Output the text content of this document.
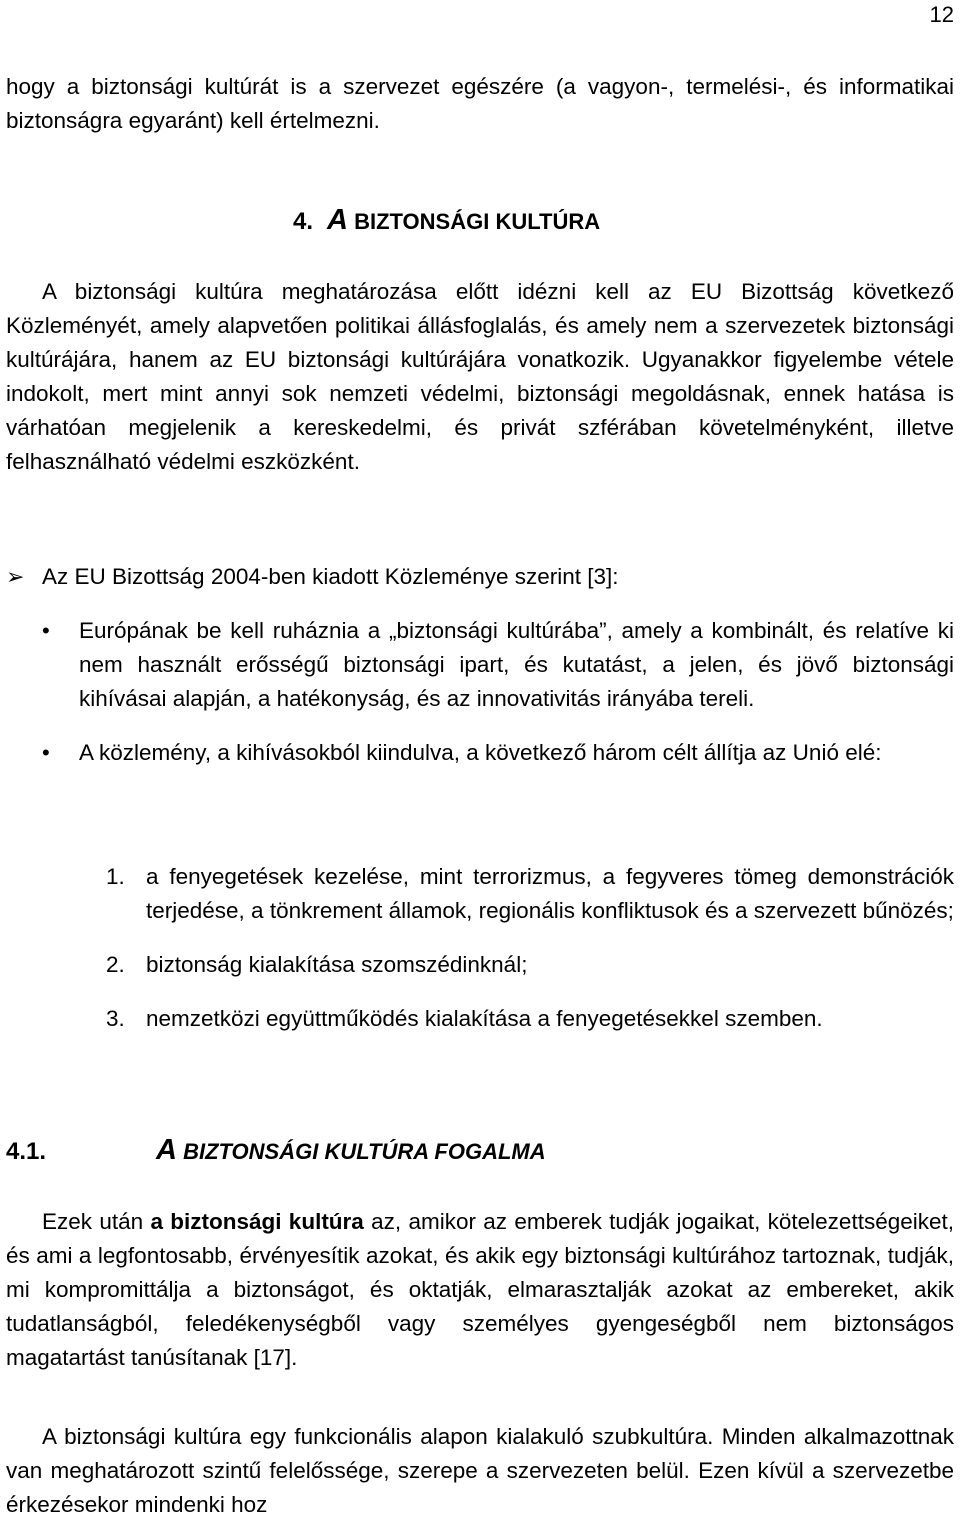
12

hogy a biztonsági kultúrát is a szervezet egészére (a vagyon-, termelési-, és informatikai biztonságra egyaránt) kell értelmezni.

4. A BIZTONSÁGI KULTÚRA

A biztonsági kultúra meghatározása előtt idézni kell az EU Bizottság következő Közleményét, amely alapvetően politikai állásfoglalás, és amely nem a szervezetek biztonsági kultúrájára, hanem az EU biztonsági kultúrájára vonatkozik. Ugyanakkor figyelembe vétele indokolt, mert mint annyi sok nemzeti védelmi, biztonsági megoldásnak, ennek hatása is várhatóan megjelenik a kereskedelmi, és privát szférában követelményként, illetve felhasználható védelmi eszközként.

➢ Az EU Bizottság 2004-ben kiadott Közleménye szerint [3]:

• Európának be kell ruháznia a „biztonsági kultúrába”, amely a kombinált, és relatíve ki nem használt erősségű biztonsági ipart, és kutatást, a jelen, és jövő biztonsági kihívásai alapján, a hatékonyság, és az innovativitás irányába tereli.

• A közlemény, a kihívásokból kiindulva, a következő három célt állítja az Unió elé:

1. a fenyegetések kezelése, mint terrorizmus, a fegyveres tömeg demonstrációk terjedése, a tönkrement államok, regionális konfliktusok és a szervezett bűnözés;

2. biztonság kialakítása szomszédinknál;

3. nemzetközi együttműködés kialakítása a fenyegetésekkel szemben.

4.1.	A BIZTONSÁGI KULTÚRA FOGALMA

Ezek után a biztonsági kultúra az, amikor az emberek tudják jogaikat, kötelezettségeiket, és ami a legfontosabb, érvényesítik azokat, és akik egy biztonsági kultúrához tartoznak, tudják, mi kompromittálja a biztonságot, és oktatják, elmarasztalják azokat az embereket, akik tudatlanságból, feledékenységből vagy személyes gyengeségből nem biztonságos magatartást tanúsítanak [17].

A biztonsági kultúra egy funkcionális alapon kialakuló szubkultúra. Minden alkalmazottnak van meghatározott szintű felelőssége, szerepe a szervezeten belül. Ezen kívül a szervezetbe érkezésekor mindenki hoz
